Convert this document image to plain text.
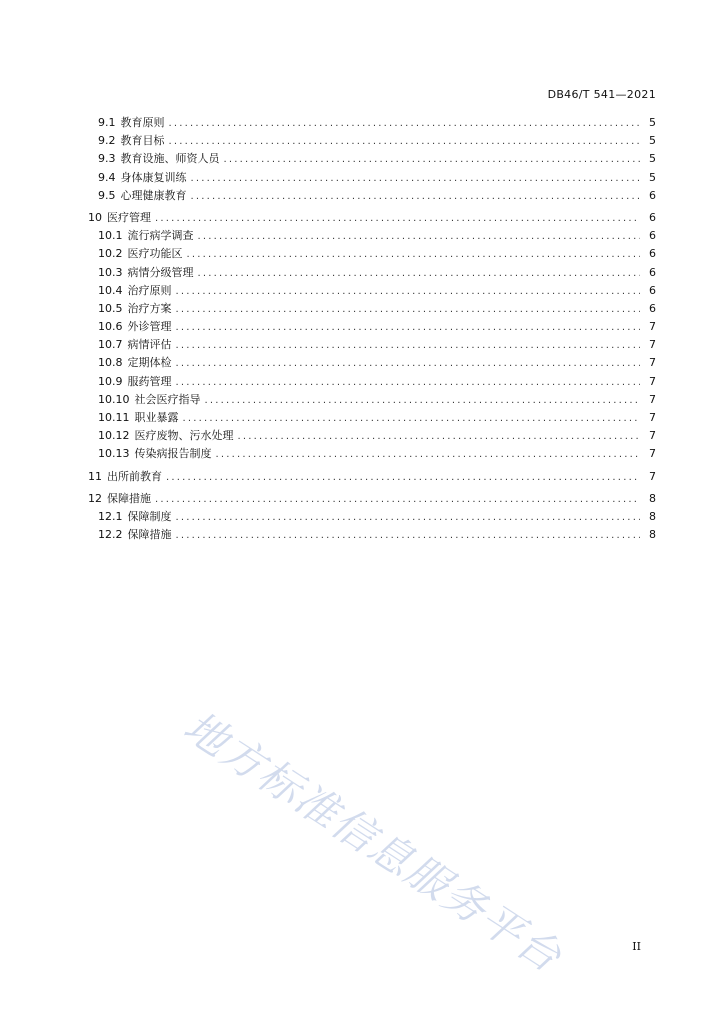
DB46/T 541—2021
9.1 教育原则 .....	5
9.2 教育目标 .....	5
9.3 教育设施、师资人员 .....	5
9.4 身体康复训练 .....	5
9.5 心理健康教育 .....	6
10 医疗管理 .....	6
10.1 流行病学调查 .....	6
10.2 医疗功能区 .....	6
10.3 病情分级管理 .....	6
10.4 治疗原则 .....	6
10.5 治疗方案 .....	6
10.6 外诊管理 .....	7
10.7 病情评估 .....	7
10.8 定期体检 .....	7
10.9 服药管理 .....	7
10.10 社会医疗指导 .....	7
10.11 职业暴露 .....	7
10.12 医疗废物、污水处理 .....	7
10.13 传染病报告制度 .....	7
11 出所前教育 .....	7
12 保障措施 .....	8
12.1 保障制度 .....	8
12.2 保障措施 .....	8
地方标准信息服务平台	II
